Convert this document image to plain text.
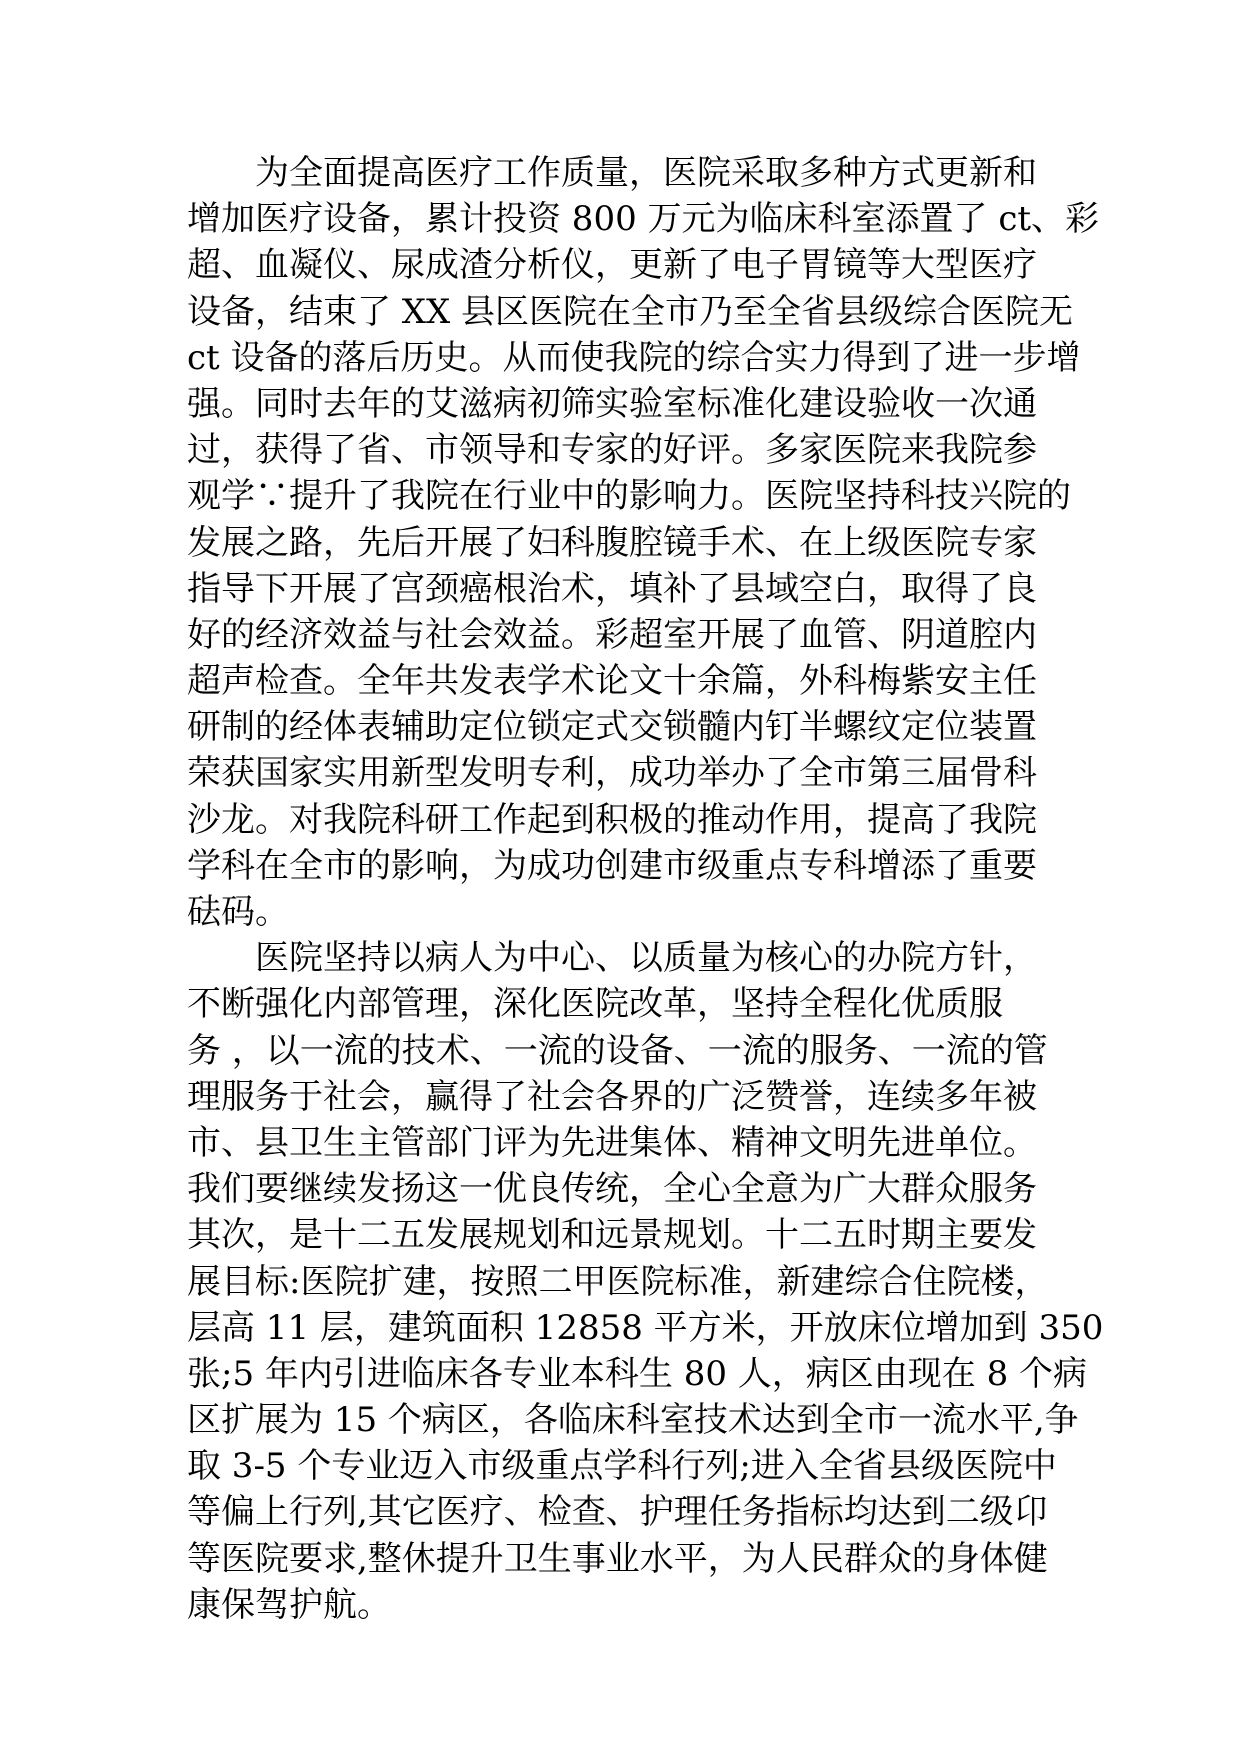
为全面提高医疗工作质量，医院采取多种方式更新和
增加医疗设备，累计投资 800 万元为临床科室添置了 ct、彩
超、血凝仪、尿成渣分析仪，更新了电子胃镜等大型医疗
设备，结束了 XX 县区医院在全市乃至全省县级综合医院无
ct 设备的落后历史。从而使我院的综合实力得到了进一步增
强。同时去年的艾滋病初筛实验室标准化建设验收一次通
过，获得了省、市领导和专家的好评。多家医院来我院参
观学∵提升了我院在行业中的影响力。医院坚持科技兴院的
发展之路，先后开展了妇科腹腔镜手术、在上级医院专家
指导下开展了宫颈癌根治术，填补了县域空白，取得了良
好的经济效益与社会效益。彩超室开展了血管、阴道腔内
超声检查。全年共发表学术论文十余篇，外科梅紫安主任
研制的经体表辅助定位锁定式交锁髓内钉半螺纹定位装置
荣获国家实用新型发明专利，成功举办了全市第三届骨科
沙龙。对我院科研工作起到积极的推动作用，提高了我院
学科在全市的影响，为成功创建市级重点专科增添了重要
砝码。
医院坚持以病人为中心、以质量为核心的办院方针，
不断强化内部管理，深化医院改革，坚持全程化优质服
务 ，以一流的技术、一流的设备、一流的服务、一流的管
理服务于社会，赢得了社会各界的广泛赞誉，连续多年被
市、县卫生主管部门评为先进集体、精神文明先进单位。
我们要继续发扬这一优良传统，全心全意为广大群众服务
其次，是十二五发展规划和远景规划。十二五时期主要发
展目标:医院扩建，按照二甲医院标准，新建综合住院楼，
层高 11 层，建筑面积 12858 平方米，开放床位增加到 350
张;5 年内引进临床各专业本科生 80 人，病区由现在 8 个病
区扩展为 15 个病区，各临床科室技术达到全市一流水平,争
取 3-5 个专业迈入市级重点学科行列;进入全省县级医院中
等偏上行列,其它医疗、检查、护理任务指标均达到二级卬
等医院要求,整休提升卫生事业水平，为人民群众的身体健
康保驾护航。
